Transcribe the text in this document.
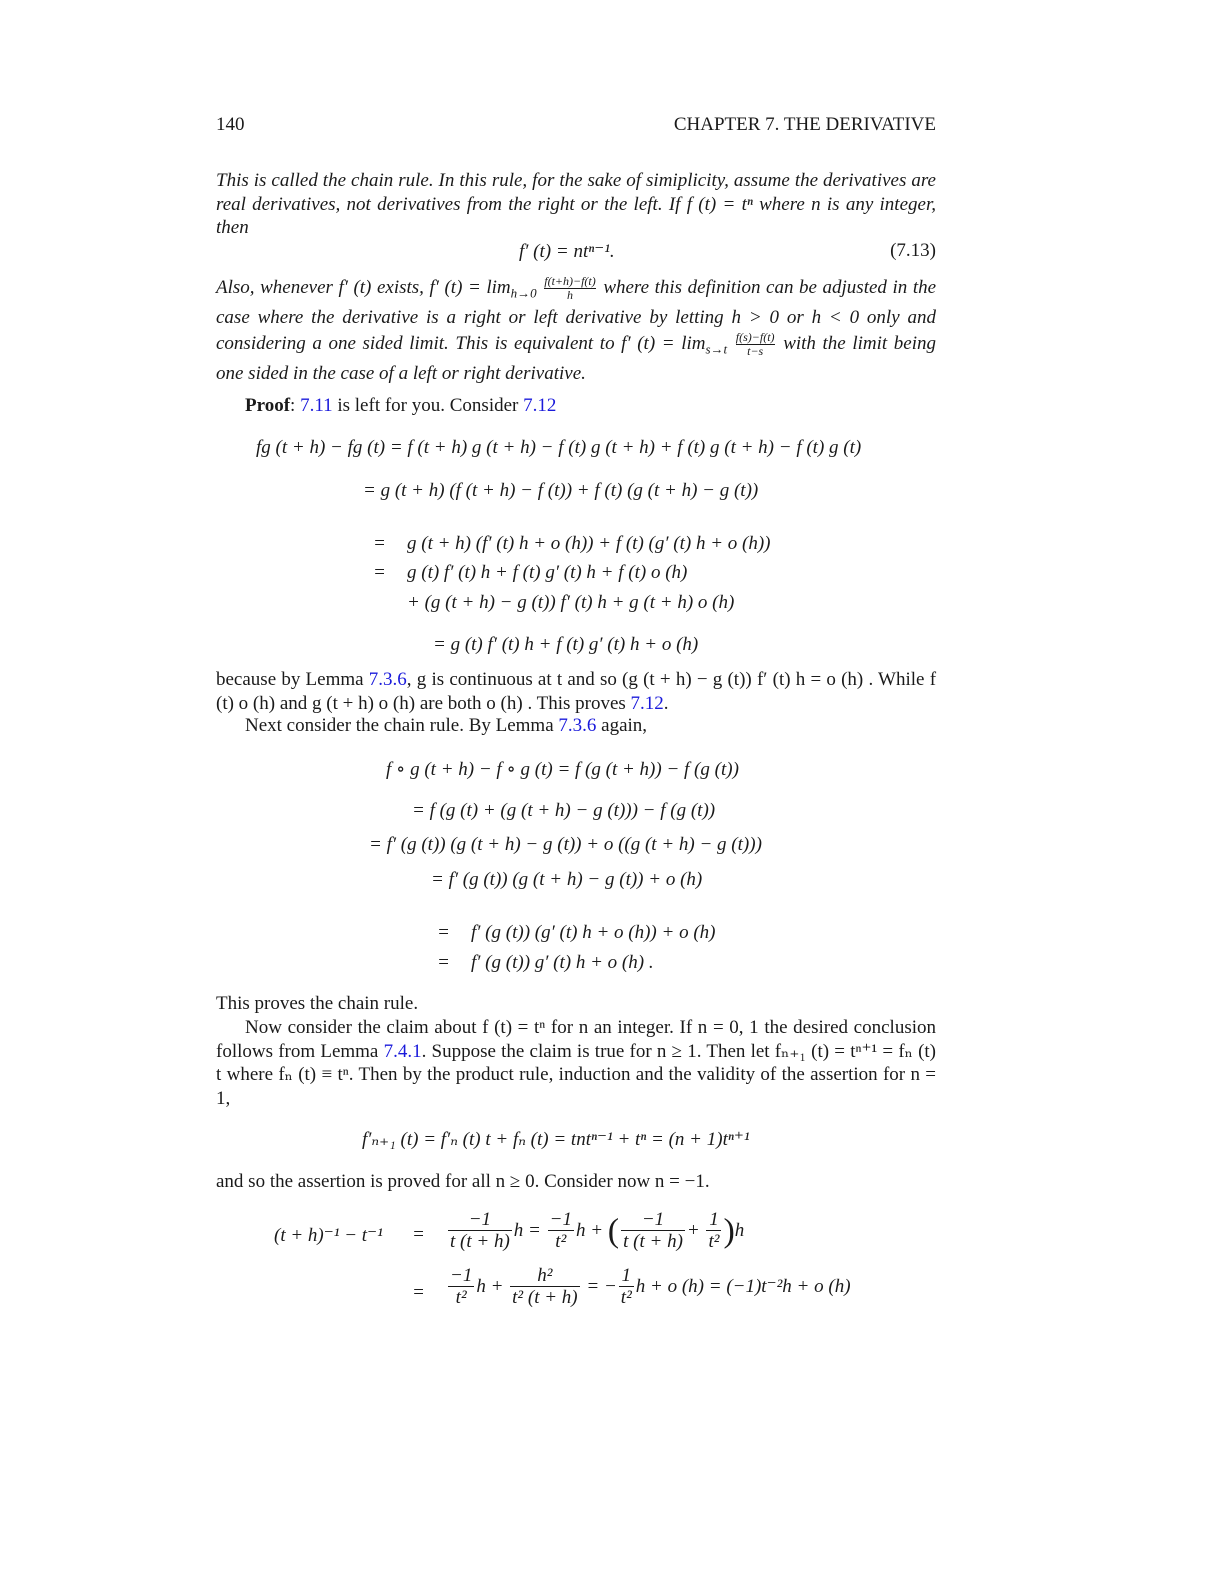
140	CHAPTER 7. THE DERIVATIVE
This is called the chain rule. In this rule, for the sake of simiplicity, assume the derivatives are real derivatives, not derivatives from the right or the left. If f (t) = tⁿ where n is any integer, then
f′ (t) = ntⁿ⁻¹.	(7.13)
Also, whenever f′ (t) exists, f′ $(t) = \lim_{h\to 0} \frac{f(t+h)-f(t)}{h}$ where this definition can be adjusted in the case where the derivative is a right or left derivative by letting h > 0 or h < 0 only and considering a one sided limit. This is equivalent to f′ $(t) = \lim_{s\to t} \frac{f(s)-f(t)}{t-s}$ with the limit being one sided in the case of a left or right derivative.
Proof: 7.11 is left for you. Consider 7.12
fg (t + h) − fg (t) = f (t + h) g (t + h) − f (t) g (t + h) + f (t) g (t + h) − f (t) g (t)
= g (t + h) (f (t + h) − f (t)) + f (t) (g (t + h) − g (t))
= g (t + h) (f′ (t) h + o (h)) + f (t) (g′ (t) h + o (h))
= g (t) f′ (t) h + f (t) g′ (t) h + f (t) o (h)
+ (g (t + h) − g (t)) f′ (t) h + g (t + h) o (h)
= g (t) f′ (t) h + f (t) g′ (t) h + o (h)
because by Lemma 7.3.6, g is continuous at t and so (g (t + h) − g (t)) f′ (t) h = o (h) . While f (t) o (h) and g (t + h) o (h) are both o (h) . This proves 7.12.
Next consider the chain rule. By Lemma 7.3.6 again,
f ∘ g (t + h) − f ∘ g (t) = f (g (t + h)) − f (g (t))
= f (g (t) + (g (t + h) − g (t))) − f (g (t))
= f′ (g (t)) (g (t + h) − g (t)) + o ((g (t + h) − g (t)))
= f′ (g (t)) (g (t + h) − g (t)) + o (h)
= f′ (g (t)) (g′ (t) h + o (h)) + o (h)
= f′ (g (t)) g′ (t) h + o (h) .
This proves the chain rule.
Now consider the claim about f (t) = tⁿ for n an integer. If n = 0, 1 the desired conclusion follows from Lemma 7.4.1. Suppose the claim is true for n ≥ 1. Then let fₙ₊₁ (t) = tⁿ⁺¹ = fₙ (t) t where fₙ (t) ≡ tⁿ. Then by the product rule, induction and the validity of the assertion for n = 1,
f′ₙ₊₁ (t) = f′ₙ (t) t + fₙ (t) = tntⁿ⁻¹ + tⁿ = (n + 1)tⁿ⁺¹
and so the assertion is proved for all n ≥ 0. Consider now n = −1.
$(t + h)^{-1} - t^{-1} = \frac{-1}{t (t + h)}$ $h = \frac{-1}{\text{t²}}$ h + ( $\frac{-1}{t (t + h)} + \frac{1}{\text{t²}} )h$
= $\frac{-1}{\text{t²}}$ $h + \frac{\text{h²}}{\text{t² (t + h)}}$ = − $\frac{1}{\text{t²}}$ h + o (h) = (−1)t⁻²h + o (h)
